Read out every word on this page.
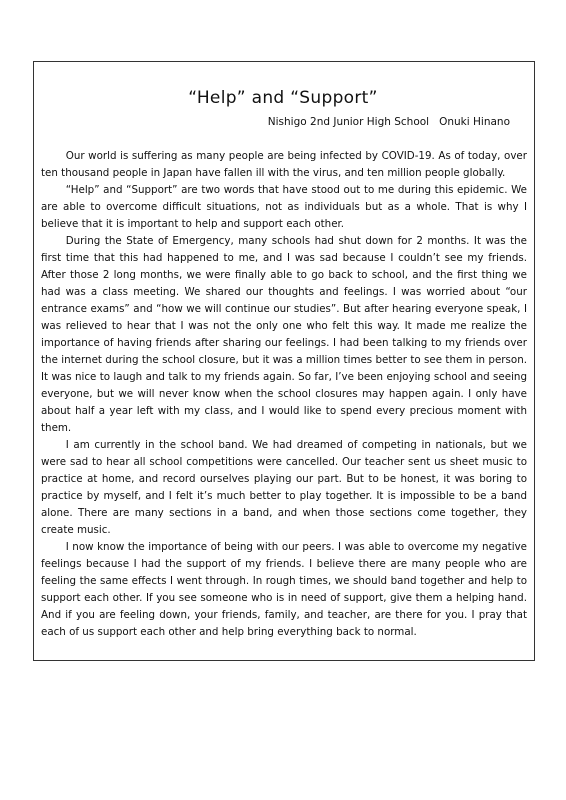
“Help” and “Support”

Nishigo 2nd Junior High School   Onuki Hinano

Our world is suffering as many people are being infected by COVID-19. As of today, over ten thousand people in Japan have fallen ill with the virus, and ten million people globally.

“Help” and “Support” are two words that have stood out to me during this epidemic. We are able to overcome difficult situations, not as individuals but as a whole. That is why I believe that it is important to help and support each other.

During the State of Emergency, many schools had shut down for 2 months. It was the first time that this had happened to me, and I was sad because I couldn’t see my friends. After those 2 long months, we were finally able to go back to school, and the first thing we had was a class meeting. We shared our thoughts and feelings. I was worried about “our entrance exams” and “how we will continue our studies”. But after hearing everyone speak, I was relieved to hear that I was not the only one who felt this way. It made me realize the importance of having friends after sharing our feelings. I had been talking to my friends over the internet during the school closure, but it was a million times better to see them in person. It was nice to laugh and talk to my friends again. So far, I’ve been enjoying school and seeing everyone, but we will never know when the school closures may happen again. I only have about half a year left with my class, and I would like to spend every precious moment with them.

I am currently in the school band. We had dreamed of competing in nationals, but we were sad to hear all school competitions were cancelled. Our teacher sent us sheet music to practice at home, and record ourselves playing our part. But to be honest, it was boring to practice by myself, and I felt it’s much better to play together. It is impossible to be a band alone. There are many sections in a band, and when those sections come together, they create music.

I now know the importance of being with our peers. I was able to overcome my negative feelings because I had the support of my friends. I believe there are many people who are feeling the same effects I went through. In rough times, we should band together and help to support each other. If you see someone who is in need of support, give them a helping hand. And if you are feeling down, your friends, family, and teacher, are there for you. I pray that each of us support each other and help bring everything back to normal.
